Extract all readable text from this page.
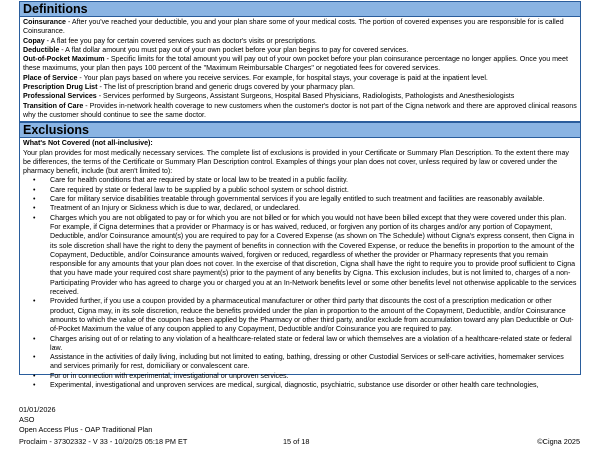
Definitions

Coinsurance - After you've reached your deductible, you and your plan share some of your medical costs. The portion of covered expenses you are responsible for is called Coinsurance.

Copay - A flat fee you pay for certain covered services such as doctor's visits or prescriptions.

Deductible - A flat dollar amount you must pay out of your own pocket before your plan begins to pay for covered services.

Out-of-Pocket Maximum - Specific limits for the total amount you will pay out of your own pocket before your plan coinsurance percentage no longer applies. Once you meet these maximums, your plan then pays 100 percent of the "Maximum Reimbursable Charges" or negotiated fees for covered services.

Place of Service - Your plan pays based on where you receive services. For example, for hospital stays, your coverage is paid at the inpatient level.

Prescription Drug List - The list of prescription brand and generic drugs covered by your pharmacy plan.

Professional Services - Services performed by Surgeons, Assistant Surgeons, Hospital Based Physicians, Radiologists, Pathologists and Anesthesiologists

Transition of Care - Provides in-network health coverage to new customers when the customer's doctor is not part of the Cigna network and there are approved clinical reasons why the customer should continue to see the same doctor.

Exclusions

What's Not Covered (not all-inclusive):

Your plan provides for most medically necessary services. The complete list of exclusions is provided in your Certificate or Summary Plan Description. To the extent there may be differences, the terms of the Certificate or Summary Plan Description control. Examples of things your plan does not cover, unless required by law or covered under the pharmacy benefit, include (but aren't limited to):

• Care for health conditions that are required by state or local law to be treated in a public facility.
• Care required by state or federal law to be supplied by a public school system or school district.
• Care for military service disabilities treatable through governmental services if you are legally entitled to such treatment and facilities are reasonably available.
• Treatment of an Injury or Sickness which is due to war, declared, or undeclared.
• Charges which you are not obligated to pay or for which you are not billed or for which you would not have been billed except that they were covered under this plan. For example, if Cigna determines that a provider or Pharmacy is or has waived, reduced, or forgiven any portion of its charges and/or any portion of Copayment, Deductible, and/or Coinsurance amount(s) you are required to pay for a Covered Expense (as shown on The Schedule) without Cigna's express consent, then Cigna in its sole discretion shall have the right to deny the payment of benefits in connection with the Covered Expense, or reduce the benefits in proportion to the amount of the Copayment, Deductible, and/or Coinsurance amounts waived, forgiven or reduced, regardless of whether the provider or Pharmacy represents that you remain responsible for any amounts that your plan does not cover. In the exercise of that discretion, Cigna shall have the right to require you to provide proof sufficient to Cigna that you have made your required cost share payment(s) prior to the payment of any benefits by Cigna. This exclusion includes, but is not limited to, charges of a non-Participating Provider who has agreed to charge you or charged you at an In-Network benefits level or some other benefits level not otherwise applicable to the services received.
• Provided further, if you use a coupon provided by a pharmaceutical manufacturer or other third party that discounts the cost of a prescription medication or other product, Cigna may, in its sole discretion, reduce the benefits provided under the plan in proportion to the amount of the Copayment, Deductible, and/or Coinsurance amounts to which the value of the coupon has been applied by the Pharmacy or other third party, and/or exclude from accumulation toward any plan Deductible or Out-of-Pocket Maximum the value of any coupon applied to any Copayment, Deductible and/or Coinsurance you are required to pay.
• Charges arising out of or relating to any violation of a healthcare-related state or federal law or which themselves are a violation of a healthcare-related state or federal law.
• Assistance in the activities of daily living, including but not limited to eating, bathing, dressing or other Custodial Services or self-care activities, homemaker services and services primarily for rest, domiciliary or convalescent care.
• For or in connection with experimental, investigational or unproven services.
• Experimental, investigational and unproven services are medical, surgical, diagnostic, psychiatric, substance use disorder or other health care technologies,
01/01/2026
ASO
Open Access Plus - OAP Traditional Plan
Proclaim - 37302332 - V 33 - 10/20/25 05:18 PM ET	15 of 18	©Cigna 2025
